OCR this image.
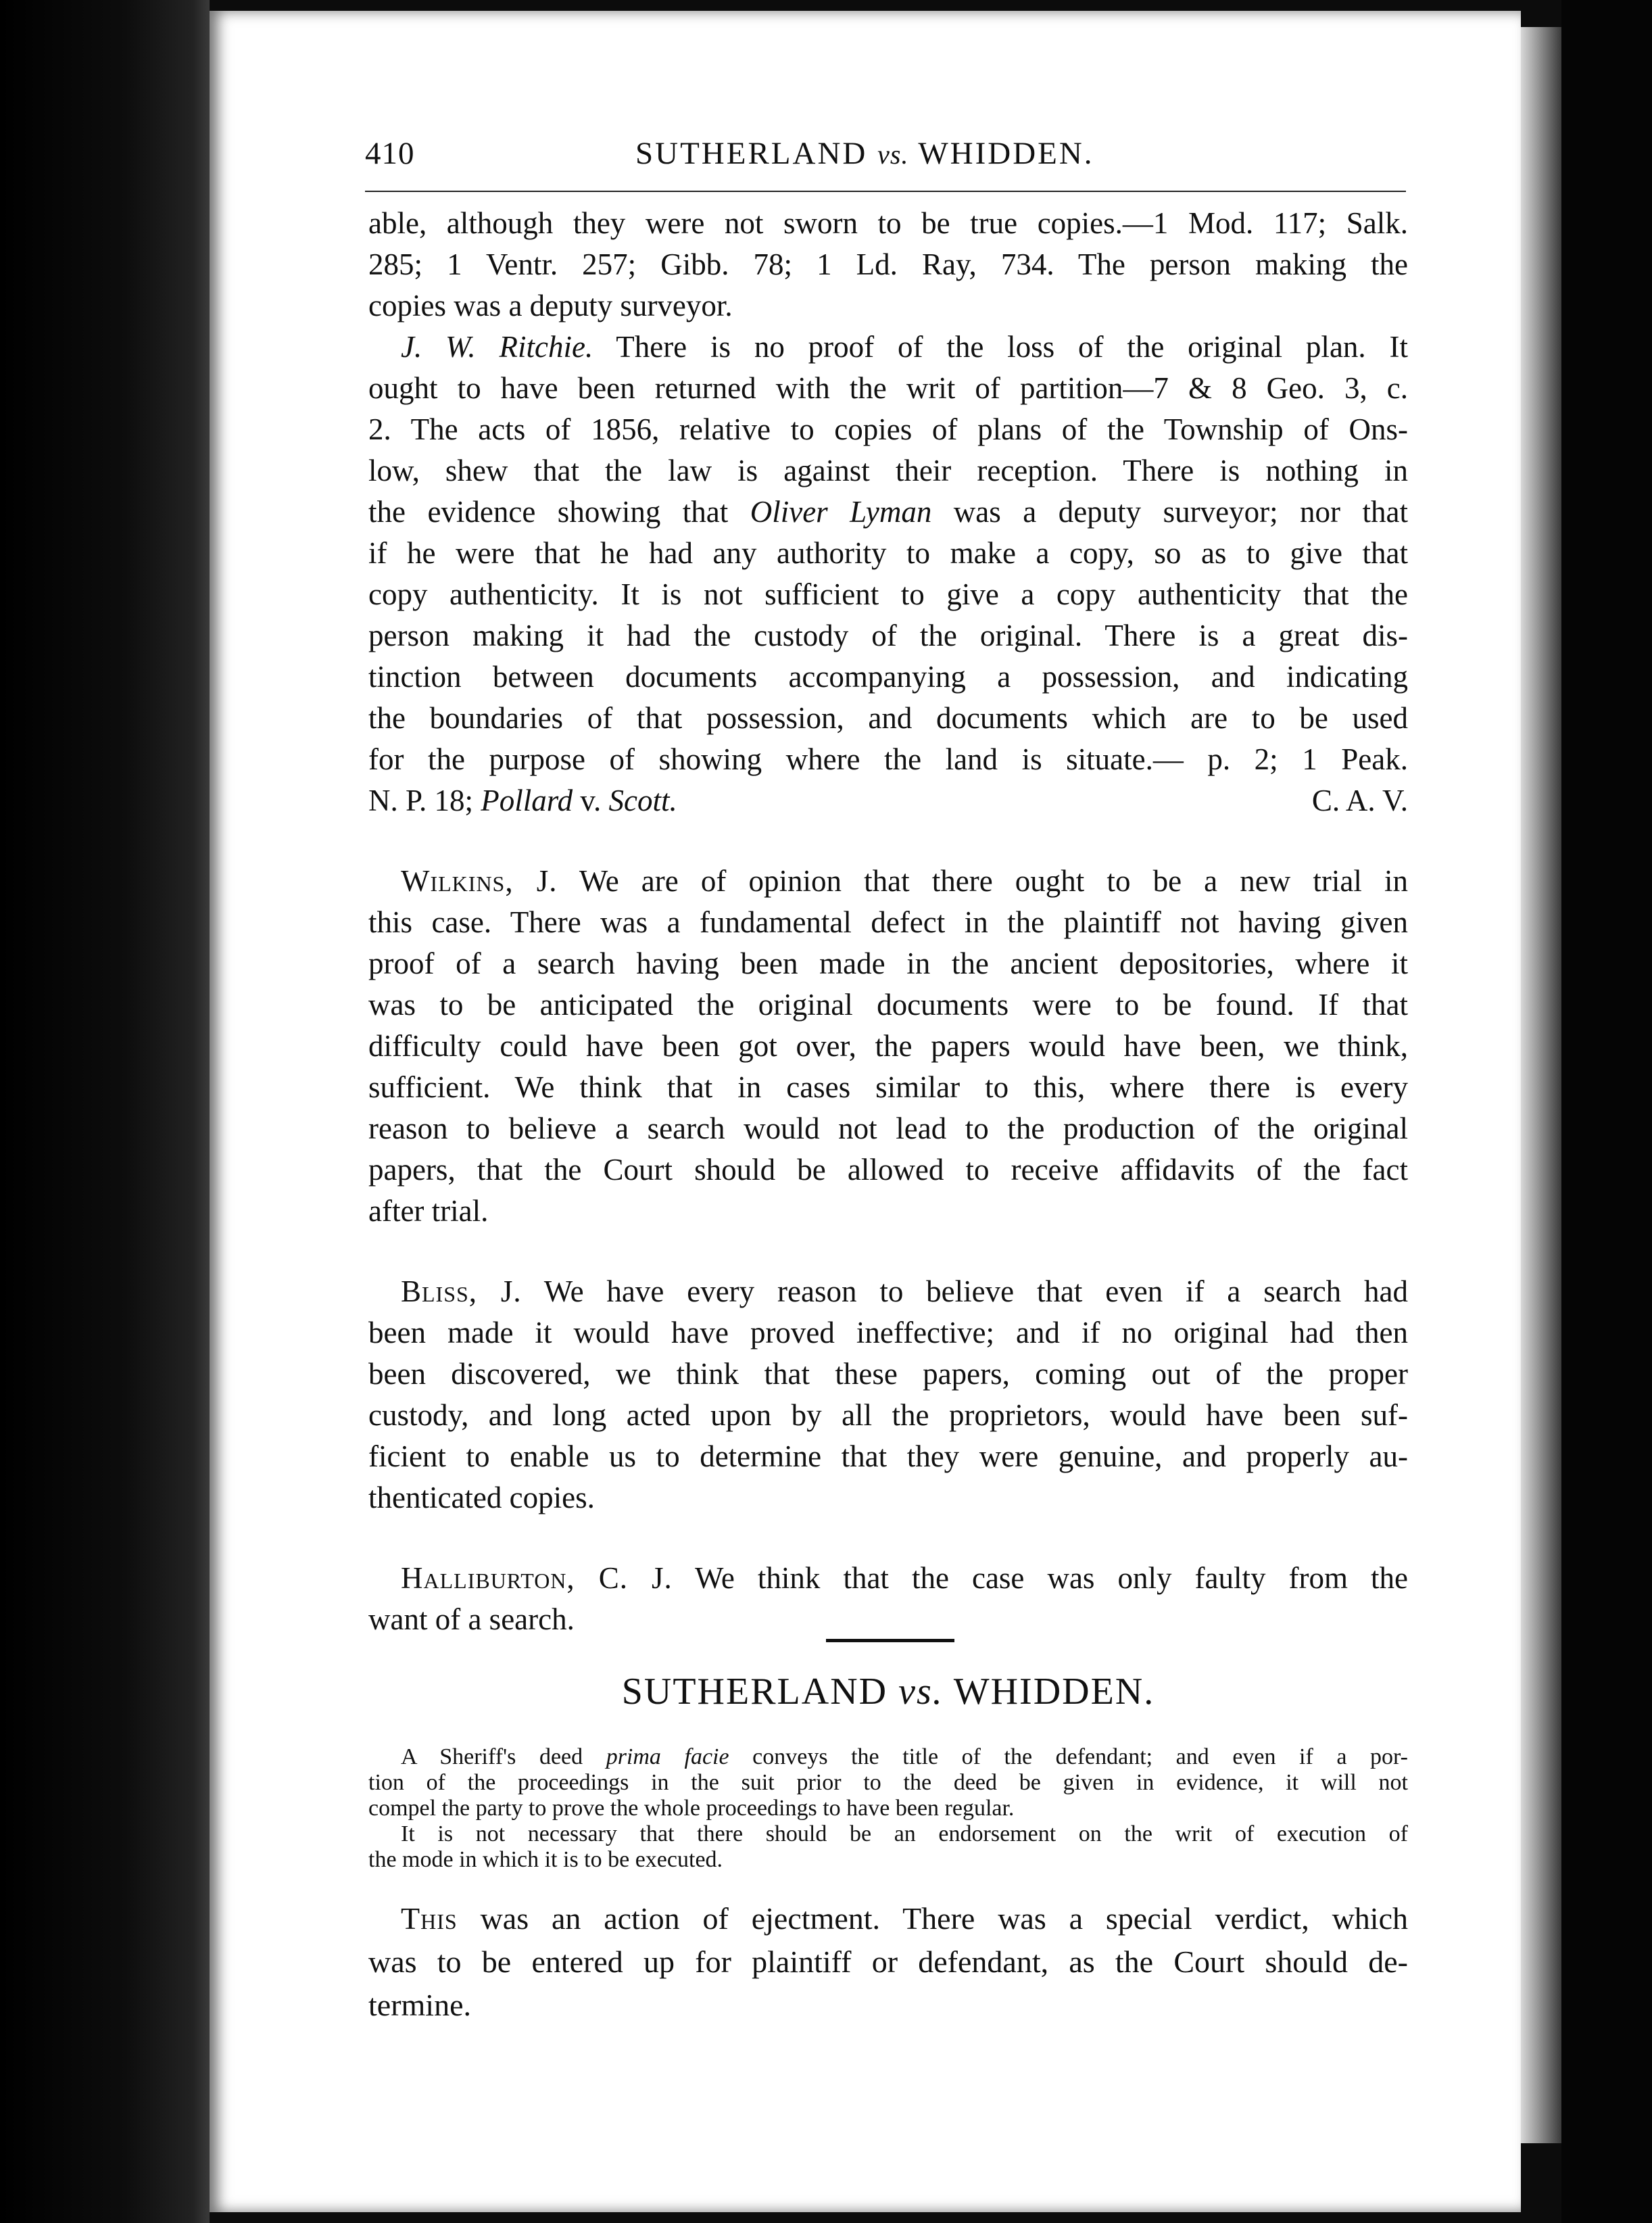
410	SUTHERLAND vs. WHIDDEN.
able, although they were not sworn to be true copies.—1 Mod. 117; Salk.
285; 1 Ventr. 257; Gibb. 78; 1 Ld. Ray, 734. The person making the
copies was a deputy surveyor.
J. W. Ritchie. There is no proof of the loss of the original plan. It
ought to have been returned with the writ of partition—7 & 8 Geo. 3, c.
2. The acts of 1856, relative to copies of plans of the Township of Ons-
low, shew that the law is against their reception. There is nothing in
the evidence showing that Oliver Lyman was a deputy surveyor; nor that
if he were that he had any authority to make a copy, so as to give that
copy authenticity. It is not sufficient to give a copy authenticity that the
person making it had the custody of the original. There is a great dis-
tinction between documents accompanying a possession, and indicating
the boundaries of that possession, and documents which are to be used
for the purpose of showing where the land is situate.— p. 2; 1 Peak.
N. P. 18; Pollard v. Scott.	C. A. V.
Wilkins, J. We are of opinion that there ought to be a new trial in
this case. There was a fundamental defect in the plaintiff not having given
proof of a search having been made in the ancient depositories, where it
was to be anticipated the original documents were to be found. If that
difficulty could have been got over, the papers would have been, we think,
sufficient. We think that in cases similar to this, where there is every
reason to believe a search would not lead to the production of the original
papers, that the Court should be allowed to receive affidavits of the fact
after trial.
Bliss, J. We have every reason to believe that even if a search had
been made it would have proved ineffective; and if no original had then
been discovered, we think that these papers, coming out of the proper
custody, and long acted upon by all the proprietors, would have been suf-
ficient to enable us to determine that they were genuine, and properly au-
thenticated copies.
Halliburton, C. J. We think that the case was only faulty from the
want of a search.
SUTHERLAND vs. WHIDDEN.
A Sheriff's deed prima facie conveys the title of the defendant; and even if a por-
tion of the proceedings in the suit prior to the deed be given in evidence, it will not
compel the party to prove the whole proceedings to have been regular.
It is not necessary that there should be an endorsement on the writ of execution of
the mode in which it is to be executed.
This was an action of ejectment. There was a special verdict, which
was to be entered up for plaintiff or defendant, as the Court should de-
termine.
